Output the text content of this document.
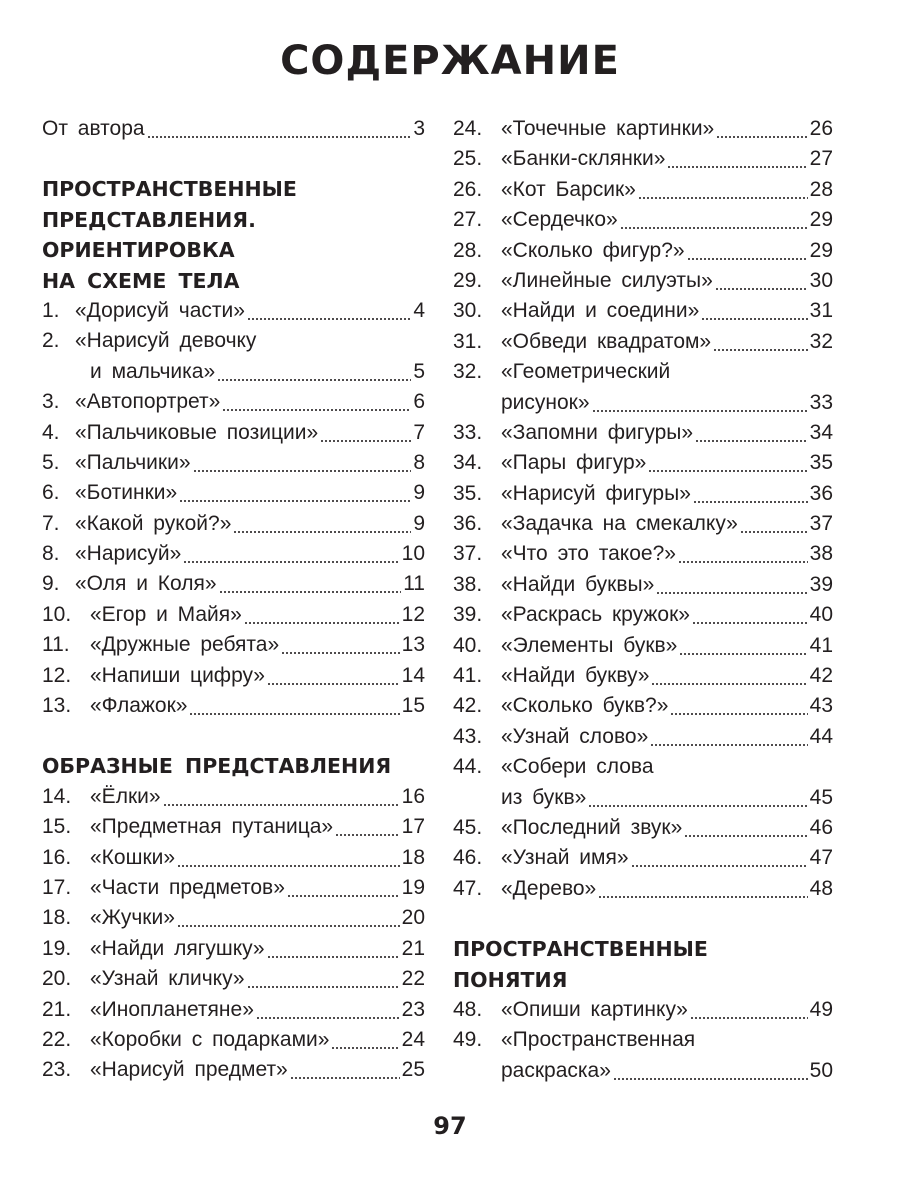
СОДЕРЖАНИЕ
От автора	3
ПРОСТРАНСТВЕННЫЕ
ПРЕДСТАВЛЕНИЯ.
ОРИЕНТИРОВКА
НА СХЕМЕ ТЕЛА
1. «Дорисуй части»	4
2. «Нарисуй девочку
и мальчика»	5
3. «Автопортрет»	6
4. «Пальчиковые позиции»	7
5. «Пальчики»	8
6. «Ботинки»	9
7. «Какой рукой?»	9
8. «Нарисуй»	10
9. «Оля и Коля»	11
10. «Егор и Майя»	12
11. «Дружные ребята»	13
12. «Напиши цифру»	14
13. «Флажок»	15
ОБРАЗНЫЕ ПРЕДСТАВЛЕНИЯ
14. «Ёлки»	16
15. «Предметная путаница»	17
16. «Кошки»	18
17. «Части предметов»	19
18. «Жучки»	20
19. «Найди лягушку»	21
20. «Узнай кличку»	22
21. «Инопланетяне»	23
22. «Коробки с подарками»	24
23. «Нарисуй предмет»	25
24. «Точечные картинки»	26
25. «Банки-склянки»	27
26. «Кот Барсик»	28
27. «Сердечко»	29
28. «Сколько фигур?»	29
29. «Линейные силуэты»	30
30. «Найди и соедини»	31
31. «Обведи квадратом»	32
32. «Геометрический
рисунок»	33
33. «Запомни фигуры»	34
34. «Пары фигур»	35
35. «Нарисуй фигуры»	36
36. «Задачка на смекалку»	37
37. «Что это такое?»	38
38. «Найди буквы»	39
39. «Раскрась кружок»	40
40. «Элементы букв»	41
41. «Найди букву»	42
42. «Сколько букв?»	43
43. «Узнай слово»	44
44. «Собери слова
из букв»	45
45. «Последний звук»	46
46. «Узнай имя»	47
47. «Дерево»	48
ПРОСТРАНСТВЕННЫЕ
ПОНЯТИЯ
48. «Опиши картинку»	49
49. «Пространственная
раскраска»	50
97
